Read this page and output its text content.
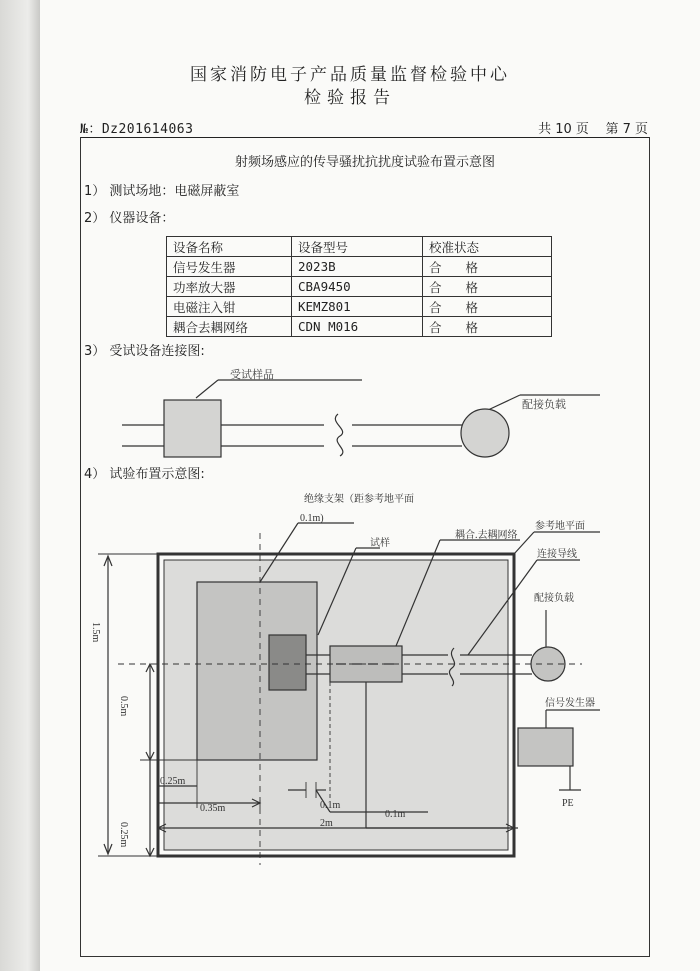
国家消防电子产品质量监督检验中心
检验报告
№：Dz201614063	共 10 页    第 7 页
射频场感应的传导骚扰抗扰度试验布置示意图
1） 测试场地：电磁屏蔽室
2） 仪器设备：
设备名称	设备型号	校准状态
信号发生器	2023B	合 格
功率放大器	CBA9450	合 格
电磁注入钳	KEMZ801	合 格
耦合去耦网络	CDN M016	合 格
3） 受试设备连接图:
受试样品
配接负载
绝缘支架（距参考地平面
0.1m)
试样
耦合.去耦网络
参考地平面
连接导线
配接负载
信号发生器
PE
1.5m
0.5m
0.25m
0.25m
0.35m
2m
0.1m
0.1m
4） 试验布置示意图:
